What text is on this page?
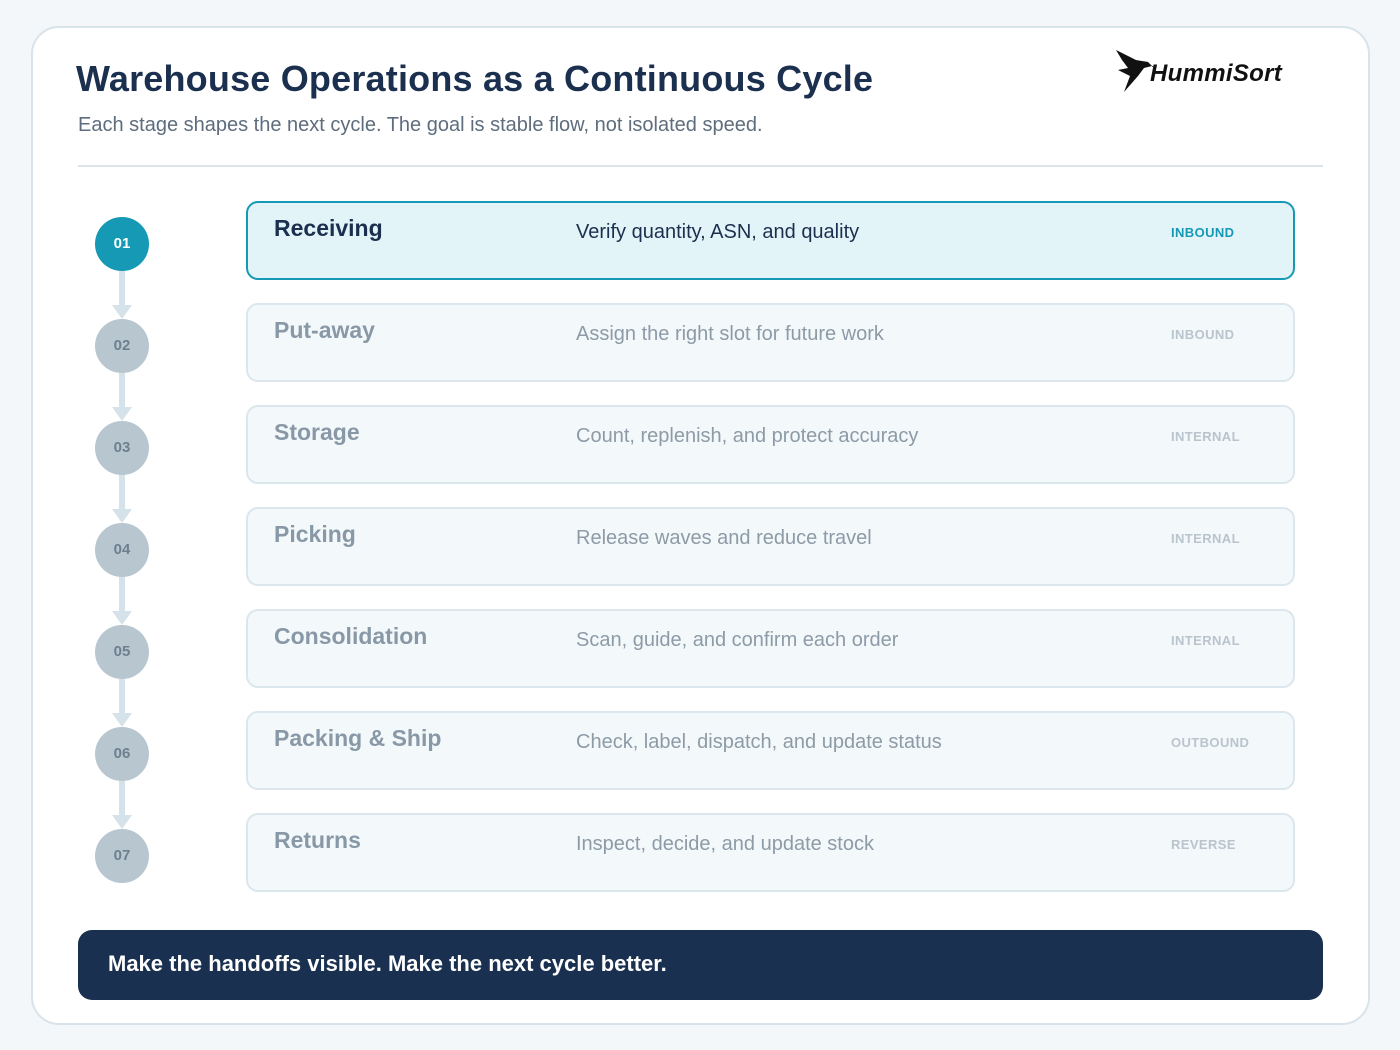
Warehouse Operations as a Continuous Cycle
Each stage shapes the next cycle. The goal is stable flow, not isolated speed.
HummiSort
01
02
03
04
05
06
07
Receiving	Verify quantity, ASN, and quality	INBOUND
Put-away	Assign the right slot for future work	INBOUND
Storage	Count, replenish, and protect accuracy	INTERNAL
Picking	Release waves and reduce travel	INTERNAL
Consolidation	Scan, guide, and confirm each order	INTERNAL
Packing & Ship	Check, label, dispatch, and update status	OUTBOUND
Returns	Inspect, decide, and update stock	REVERSE
Make the handoffs visible. Make the next cycle better.
